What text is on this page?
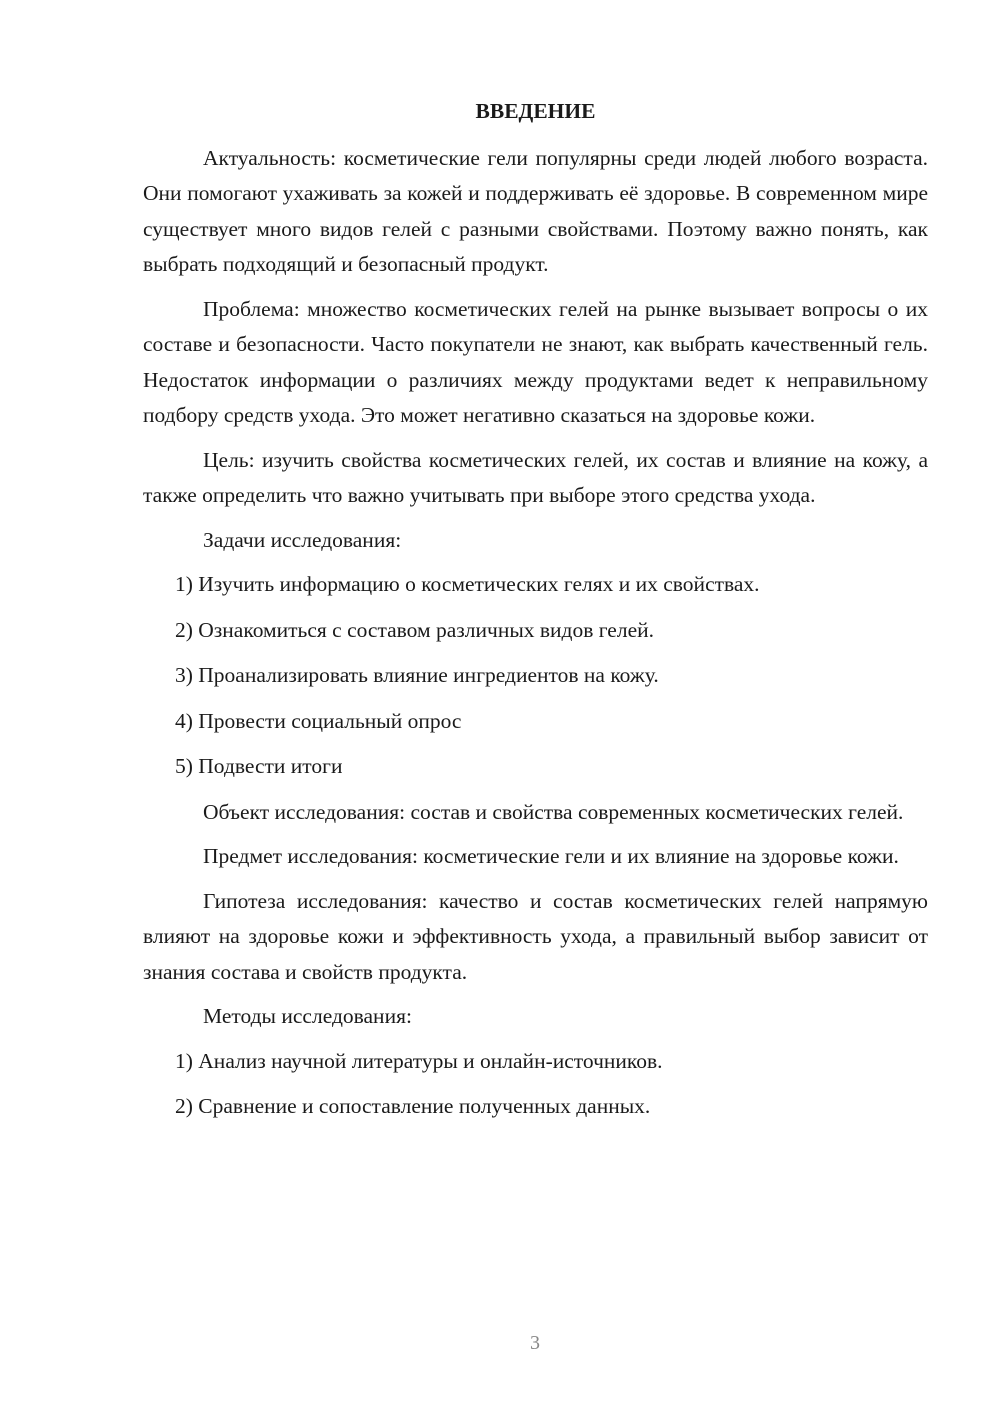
ВВЕДЕНИЕ

Актуальность: косметические гели популярны среди людей любого возраста. Они помогают ухаживать за кожей и поддерживать её здоровье. В современном мире существует много видов гелей с разными свойствами. Поэтому важно понять, как выбрать подходящий и безопасный продукт.

Проблема: множество косметических гелей на рынке вызывает вопросы о их составе и безопасности. Часто покупатели не знают, как выбрать качественный гель. Недостаток информации о различиях между продуктами ведет к неправильному подбору средств ухода. Это может негативно сказаться на здоровье кожи.

Цель: изучить свойства косметических гелей, их состав и влияние на кожу, а также определить что важно учитывать при выборе этого средства ухода.

Задачи исследования:
1) Изучить информацию о косметических гелях и их свойствах.
2) Ознакомиться с составом различных видов гелей.
3) Проанализировать влияние ингредиентов на кожу.
4) Провести социальный опрос
5) Подвести итоги

Объект исследования: состав и свойства современных косметических гелей.

Предмет исследования: косметические гели и их влияние на здоровье кожи.

Гипотеза исследования: качество и состав косметических гелей напрямую влияют на здоровье кожи и эффективность ухода, а правильный выбор зависит от знания состава и свойств продукта.

Методы исследования:
1) Анализ научной литературы и онлайн-источников.
2) Сравнение и сопоставление полученных данных.
3
